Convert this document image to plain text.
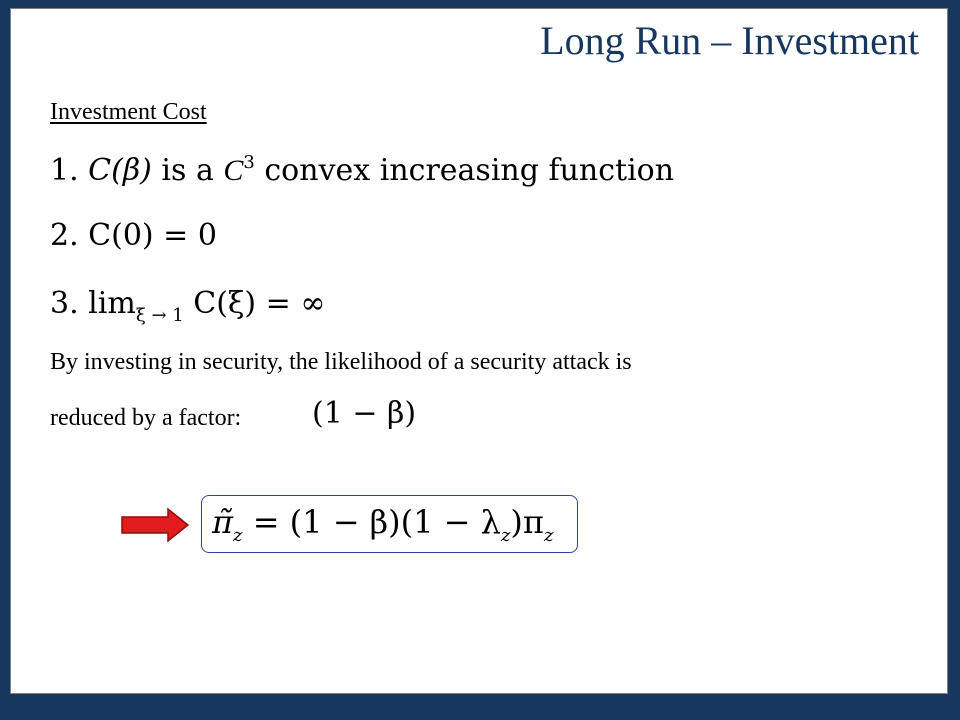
Long Run – Investment
Investment Cost
1. C(β) is a $C^3$ convex increasing function
2. C(0) = 0
3. $\lim_{\xi \to 1} C(\xi)$ = ∞
By investing in security, the likelihood of a security attack is
reduced by a factor: (1 − β)
$\pĩ_z = (1 - \beta)(1 - \lambda_z)\pi_z$
